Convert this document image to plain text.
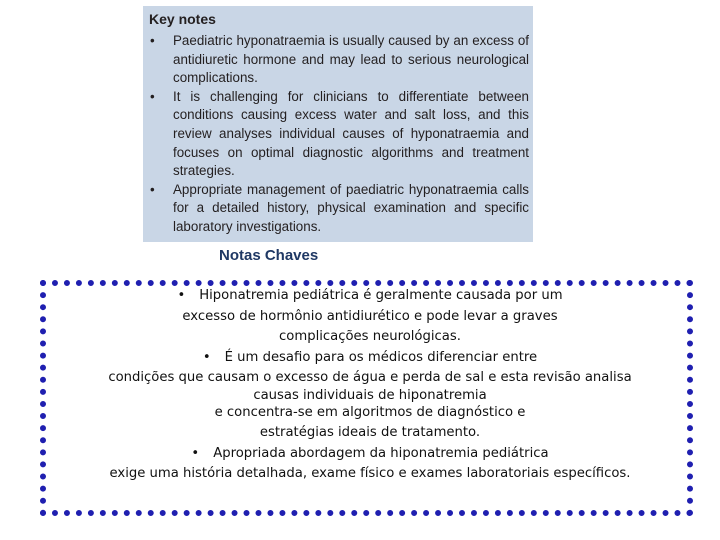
Key notes

• Paediatric hyponatraemia is usually caused by an excess of antidiuretic hormone and may lead to serious neurological complications.

• It is challenging for clinicians to differentiate between conditions causing excess water and salt loss, and this review analyses individual causes of hyponatraemia and focuses on optimal diagnostic algorithms and treatment strategies.

• Appropriate management of paediatric hyponatraemia calls for a detailed history, physical examination and specific laboratory investigations.

Notas Chaves
• Hiponatremia pediátrica é geralmente causada por um
excesso de hormônio antidiurético e pode levar a graves
complicações neurológicas.
• É um desafio para os médicos diferenciar entre
condições que causam o excesso de água e perda de sal e esta revisão analisa
causas individuais de hiponatremia
e concentra-se em algoritmos de diagnóstico e
estratégias ideais de tratamento.
• Apropriada abordagem da hiponatremia pediátrica
exige uma história detalhada, exame físico e exames laboratoriais específicos.
